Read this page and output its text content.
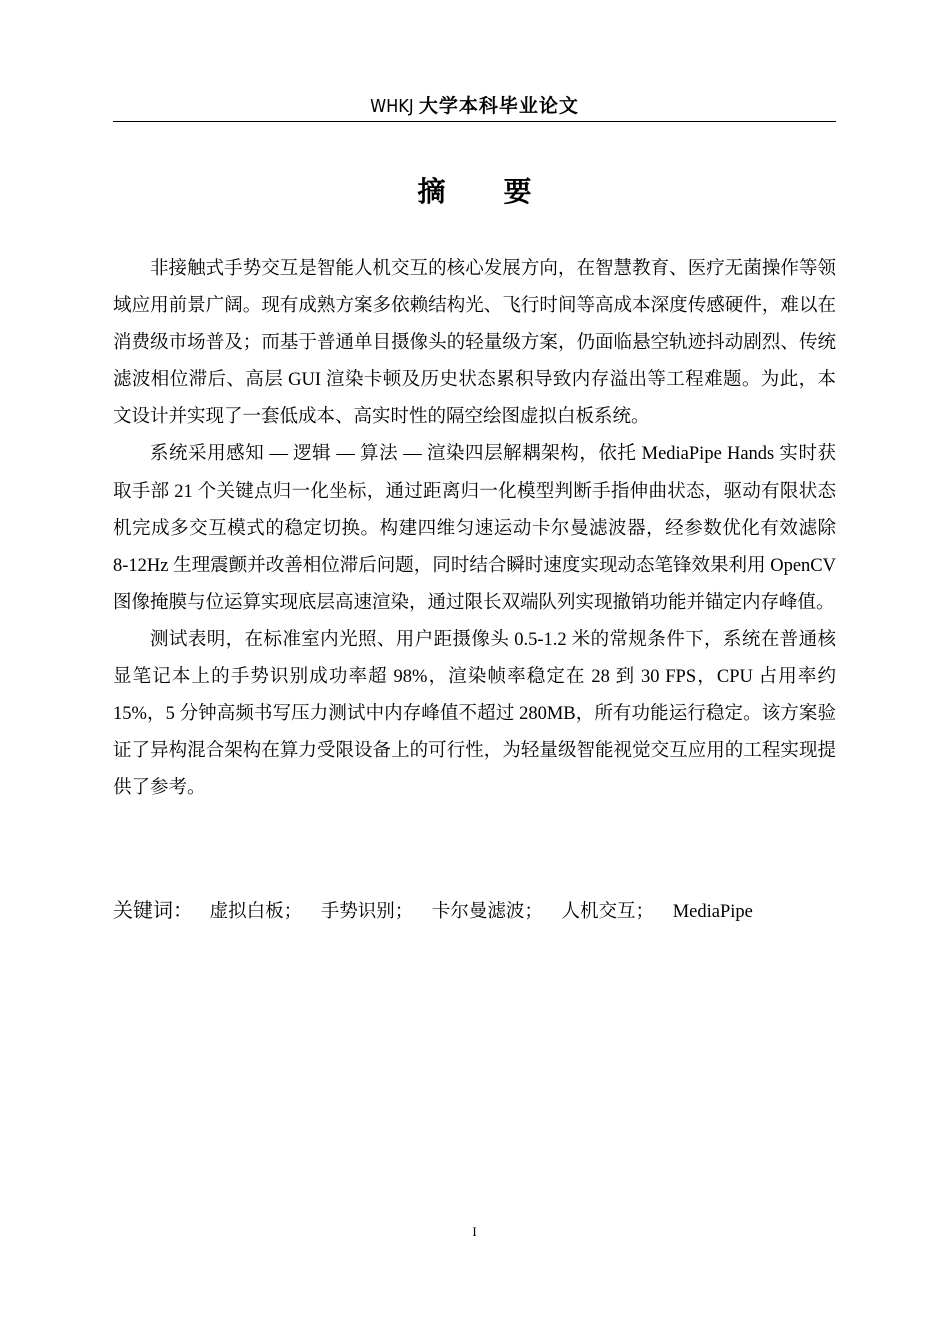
WHKJ 大学本科毕业论文
摘 要

非接触式手势交互是智能人机交互的核心发展方向，在智慧教育、医疗无菌操作等领域应用前景广阔。现有成熟方案多依赖结构光、飞行时间等高成本深度传感硬件，难以在消费级市场普及；而基于普通单目摄像头的轻量级方案，仍面临悬空轨迹抖动剧烈、传统滤波相位滞后、高层 GUI 渲染卡顿及历史状态累积导致内存溢出等工程难题。为此，本文设计并实现了一套低成本、高实时性的隔空绘图虚拟白板系统。

系统采用感知 — 逻辑 — 算法 — 渲染四层解耦架构，依托 MediaPipe Hands 实时获取手部 21 个关键点归一化坐标，通过距离归一化模型判断手指伸曲状态，驱动有限状态机完成多交互模式的稳定切换。构建四维匀速运动卡尔曼滤波器，经参数优化有效滤除 8-12Hz 生理震颤并改善相位滞后问题，同时结合瞬时速度实现动态笔锋效果利用 OpenCV 图像掩膜与位运算实现底层高速渲染，通过限长双端队列实现撤销功能并锚定内存峰值。

测试表明，在标准室内光照、用户距摄像头 0.5-1.2 米的常规条件下，系统在普通核显笔记本上的手势识别成功率超 98%，渲染帧率稳定在 28 到 30 FPS，CPU 占用率约 15%，5 分钟高频书写压力测试中内存峰值不超过 280MB，所有功能运行稳定。该方案验证了异构混合架构在算力受限设备上的可行性，为轻量级智能视觉交互应用的工程实现提供了参考。

关键词： 虚拟白板； 手势识别； 卡尔曼滤波； 人机交互； MediaPipe
I
